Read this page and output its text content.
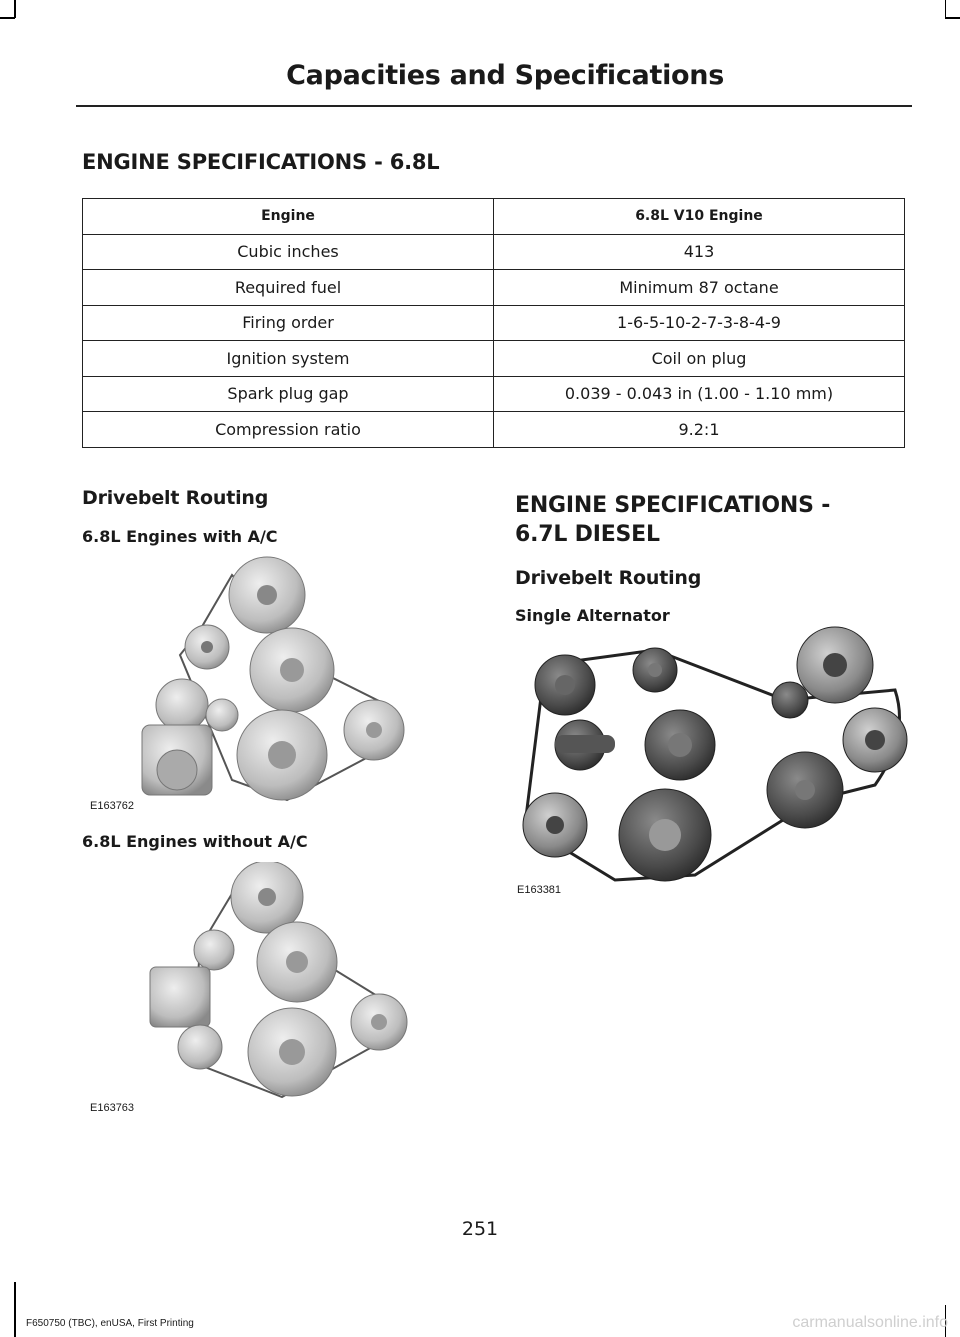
Capacities and Specifications
ENGINE SPECIFICATIONS - 6.8L
Engine	6.8L V10 Engine
Cubic inches	413
Required fuel	Minimum 87 octane
Firing order	1-6-5-10-2-7-3-8-4-9
Ignition system	Coil on plug
Spark plug gap	0.039 - 0.043 in (1.00 - 1.10 mm)
Compression ratio	9.2:1
Drivebelt Routing
6.8L Engines with A/C
E163762
6.8L Engines without A/C
E163763
ENGINE SPECIFICATIONS -
6.7L DIESEL
Drivebelt Routing
Single Alternator
E163381
251
F650750 (TBC), enUSA, First Printing	carmanualsonline.info
